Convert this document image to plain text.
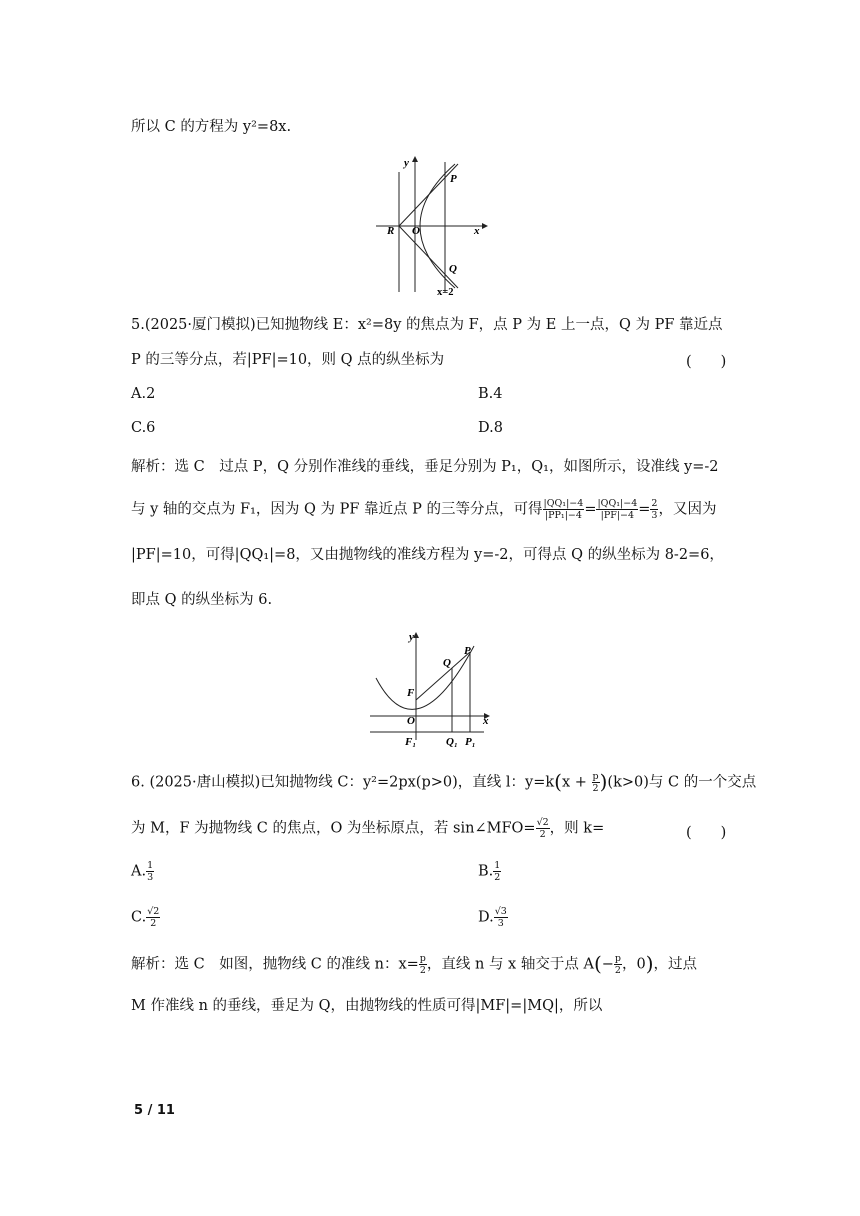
所以 C 的方程为 y²=8x.
y
x
P
R O
Q
x=2
5.(2025·厦门模拟)已知抛物线 E：x²=8y 的焦点为 F，点 P 为 E 上一点，Q 为 PF 靠近点
P 的三等分点，若|PF|=10，则 Q 点的纵坐标为	(　　)
A.2	B.4
C.6	D.8
解析：选 C　过点 P，Q 分别作准线的垂线，垂足分别为 P₁，Q₁，如图所示，设准线 y=-2
与 y 轴的交点为 F₁，因为 Q 为 PF 靠近点 P 的三等分点，可得 $\frac{\text{|QQ₁|−4}}{\text{|PP₁|−4}} = \frac{\text{|QQ₁|−4}}{|PF|-4} = \frac{2}{3}$ ，又因为
|PF|=10，可得|QQ₁|=8，又由抛物线的准线方程为 y=-2，可得点 Q 的纵坐标为 8-2=6，
即点 Q 的纵坐标为 6.
y
x
P
Q
F
O
F₁	Q₁ P₁
6. (2025·唐山模拟)已知抛物线 C：y²=2px(p>0)，直线 l：$y=k(x + \frac{p}{2} )(k>0)$与 C 的一个交点
为 M，F 为抛物线 C 的焦点，O 为坐标原点，若 sin∠MFO= $\frac{√2}{2}$ ，则 k=	(　　)
A. $\frac{1}{3}$	B. $\frac{1}{2}$
C. $\frac{√2}{2}$	D. $\frac{√3}{3}$
解析：选 C　如图，抛物线 C 的准线 n：$x= \frac{p}{2}$ ，直线 n 与 x 轴交于点 $A(- \frac{p}{2}$ ，0)，过点
M 作准线 n 的垂线，垂足为 Q，由抛物线的性质可得|MF|=|MQ|，所以
5 / 11
